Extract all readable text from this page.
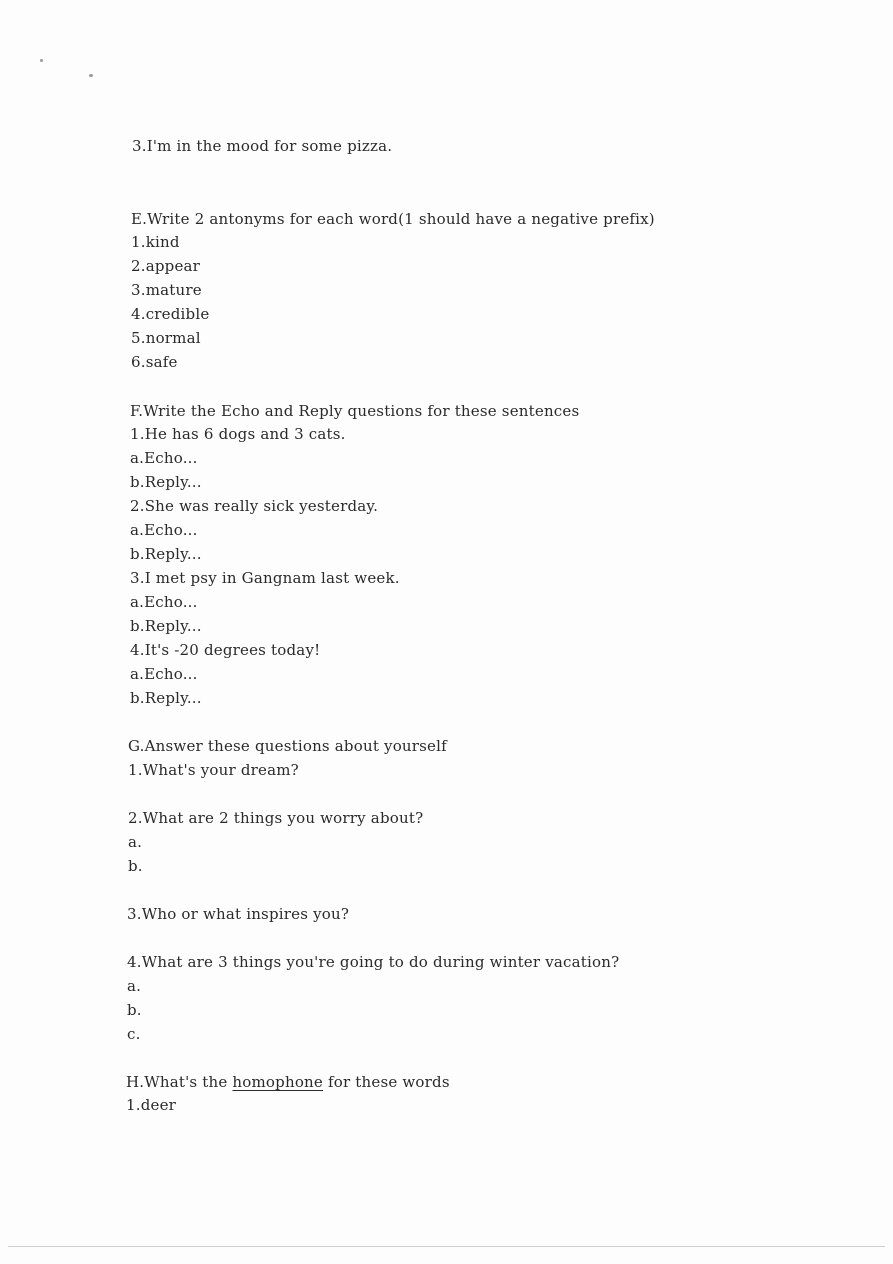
3.I'm in the mood for some pizza.
E.Write 2 antonyms for each word(1 should have a negative prefix)
1.kind
2.appear
3.mature
4.credible
5.normal
6.safe
F.Write the Echo and Reply questions for these sentences
1.He has 6 dogs and 3 cats.
a.Echo...
b.Reply...
2.She was really sick yesterday.
a.Echo...
b.Reply...
3.I met psy in Gangnam last week.
a.Echo...
b.Reply...
4.It's -20 degrees today!
a.Echo...
b.Reply...
G.Answer these questions about yourself
1.What's your dream?
2.What are 2 things you worry about?
a.
b.
3.Who or what inspires you?
4.What are 3 things you're going to do during winter vacation?
a.
b.
c.
H.What's the homophone for these words
1.deer
